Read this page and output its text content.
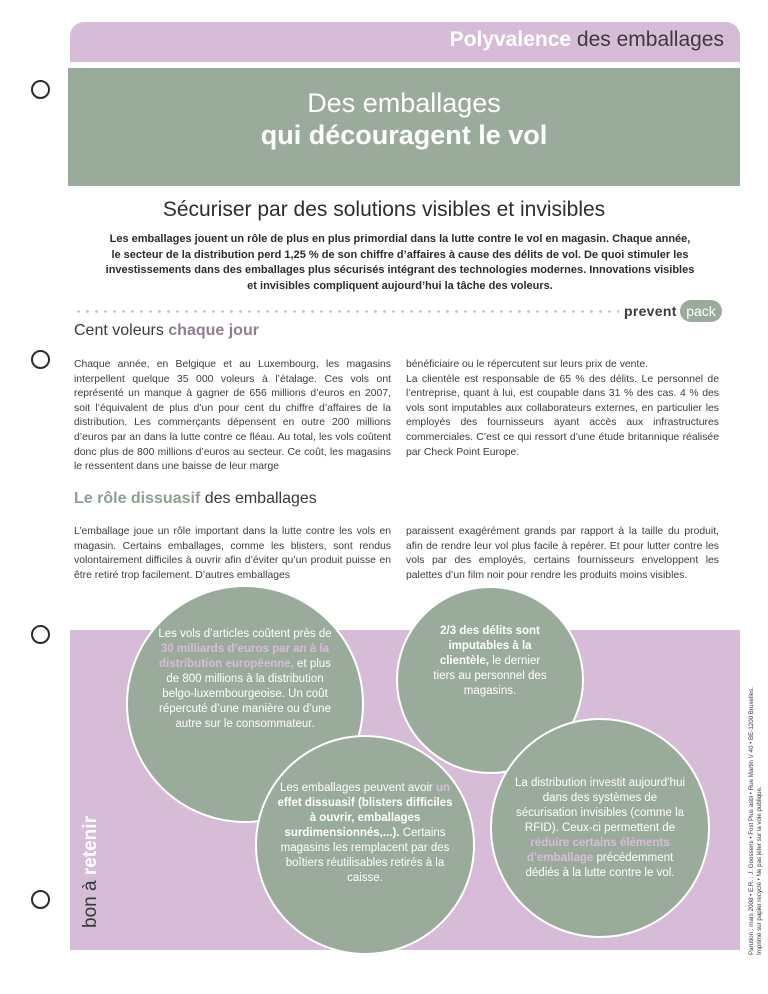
Polyvalence des emballages
Des emballages
qui découragent le vol
Sécuriser par des solutions visibles et invisibles
Les emballages jouent un rôle de plus en plus primordial dans la lutte contre le vol en magasin. Chaque année, le secteur de la distribution perd 1,25 % de son chiffre d’affaires à cause des délits de vol. De quoi stimuler les investissements dans des emballages plus sécurisés intégrant des technologies modernes. Innovations visibles et invisibles compliquent aujourd’hui la tâche des voleurs.
prevent pack
Cent voleurs chaque jour
Chaque année, en Belgique et au Luxembourg, les magasins interpellent quelque 35 000 voleurs à l’étalage. Ces vols ont représenté un manque à gagner de 656 millions d’euros en 2007, soit l’équivalent de plus d’un pour cent du chiffre d’affaires de la distribution. Les commerçants dépensent en outre 200 millions d’euros par an dans la lutte contre ce fléau. Au total, les vols coûtent donc plus de 800 millions d’euros au secteur. Ce coût, les magasins le ressentent dans une baisse de leur marge
bénéficiaire ou le répercutent sur leurs prix de vente.
La clientèle est responsable de 65 % des délits. Le personnel de l’entreprise, quant à lui, est coupable dans 31 % des cas. 4 % des vols sont imputables aux collaborateurs externes, en particulier les employés des fournisseurs ayant accès aux infrastructures commerciales. C’est ce qui ressort d’une étude britannique réalisée par Check Point Europe.
Le rôle dissuasif des emballages
L’emballage joue un rôle important dans la lutte contre les vols en magasin. Certains emballages, comme les blisters, sont rendus volontairement difficiles à ouvrir afin d’éviter qu’un produit puisse en être retiré trop facilement. D’autres emballages
paraissent exagérément grands par rapport à la taille du produit, afin de rendre leur vol plus facile à repérer. Et pour lutter contre les vols par des employés, certains fournisseurs enveloppent les palettes d’un film noir pour rendre les produits moins visibles.
bon à retenir
Les vols d’articles coûtent près de 30 milliards d’euros par an à la distribution européenne, et plus de 800 millions à la distribution belgo-luxembourgeoise. Un coût répercuté d’une manière ou d’une autre sur le consommateur.
2/3 des délits sont imputables à la clientèle, le dernier tiers au personnel des magasins.
Les emballages peuvent avoir un effet dissuasif (blisters difficiles à ouvrir, emballages surdimensionnés,...). Certains magasins les remplacent par des boîtiers réutilisables retirés à la caisse.
La distribution investit aujourd’hui dans des systèmes de sécurisation invisibles (comme la RFID). Ceux-ci permettent de réduire certains éléments d’emballage précédemment dédiés à la lutte contre le vol.	Parution : mars 2008 • E.R. : J. Goossens • Fost Plus asbl • Rue Martin V 40 • BE-1200 Bruxelles. Imprimé sur papier recyclé • Ne pas jeter sur la voie publique.
